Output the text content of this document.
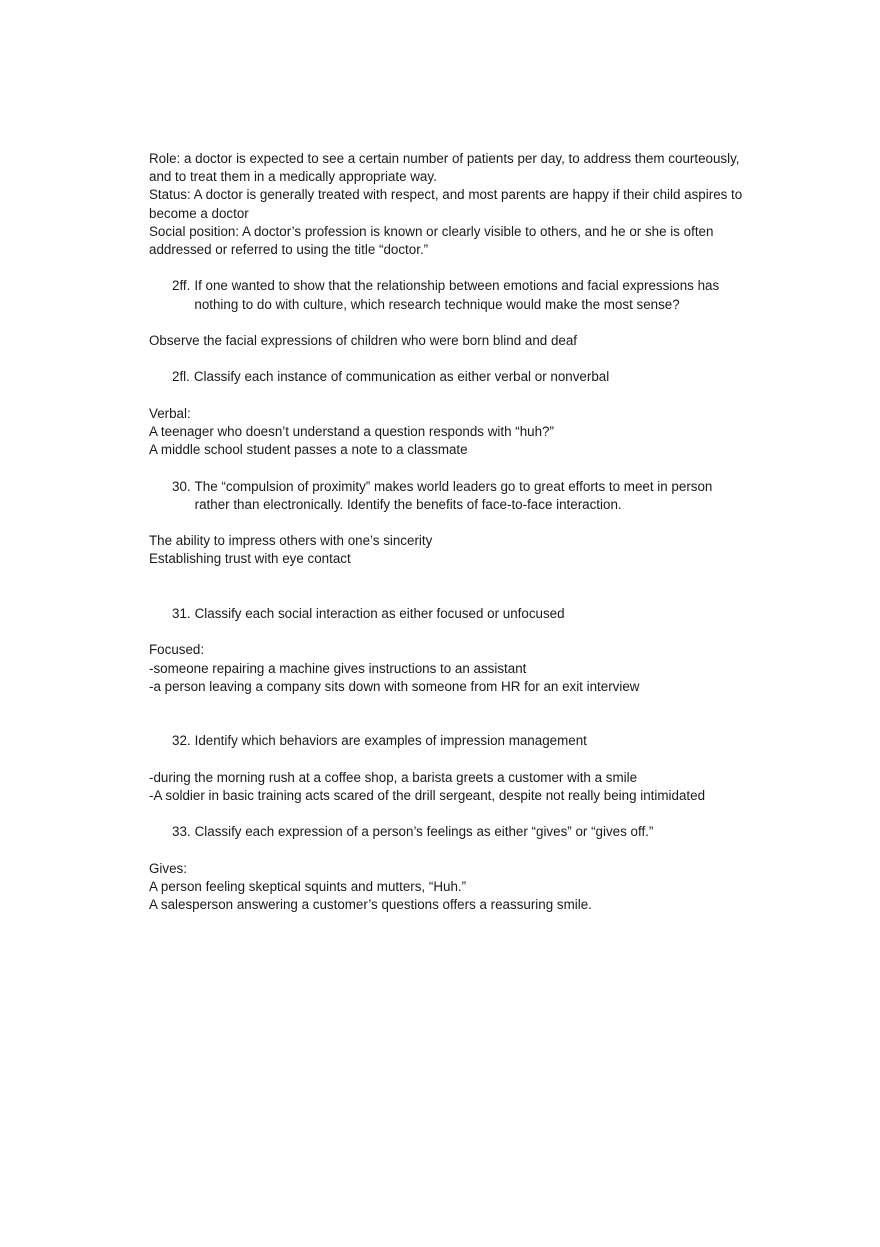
Role: a doctor is expected to see a certain number of patients per day, to address them courteously, and to treat them in a medically appropriate way.

Status: A doctor is generally treated with respect, and most parents are happy if their child aspires to become a doctor

Social position: A doctor’s profession is known or clearly visible to others, and he or she is often addressed or referred to using the title “doctor.”

2ff. If one wanted to show that the relationship between emotions and facial expressions has nothing to do with culture, which research technique would make the most sense?

Observe the facial expressions of children who were born blind and deaf

2fl. Classify each instance of communication as either verbal or nonverbal

Verbal:

A teenager who doesn’t understand a question responds with “huh?”

A middle school student passes a note to a classmate

30. The “compulsion of proximity” makes world leaders go to great efforts to meet in person rather than electronically. Identify the benefits of face-to-face interaction.

The ability to impress others with one’s sincerity

Establishing trust with eye contact

31. Classify each social interaction as either focused or unfocused

Focused:

-someone repairing a machine gives instructions to an assistant

-a person leaving a company sits down with someone from HR for an exit interview

32. Identify which behaviors are examples of impression management

-during the morning rush at a coffee shop, a barista greets a customer with a smile

-A soldier in basic training acts scared of the drill sergeant, despite not really being intimidated

33. Classify each expression of a person’s feelings as either “gives” or “gives off.”

Gives:

A person feeling skeptical squints and mutters, “Huh.”

A salesperson answering a customer’s questions offers a reassuring smile.
